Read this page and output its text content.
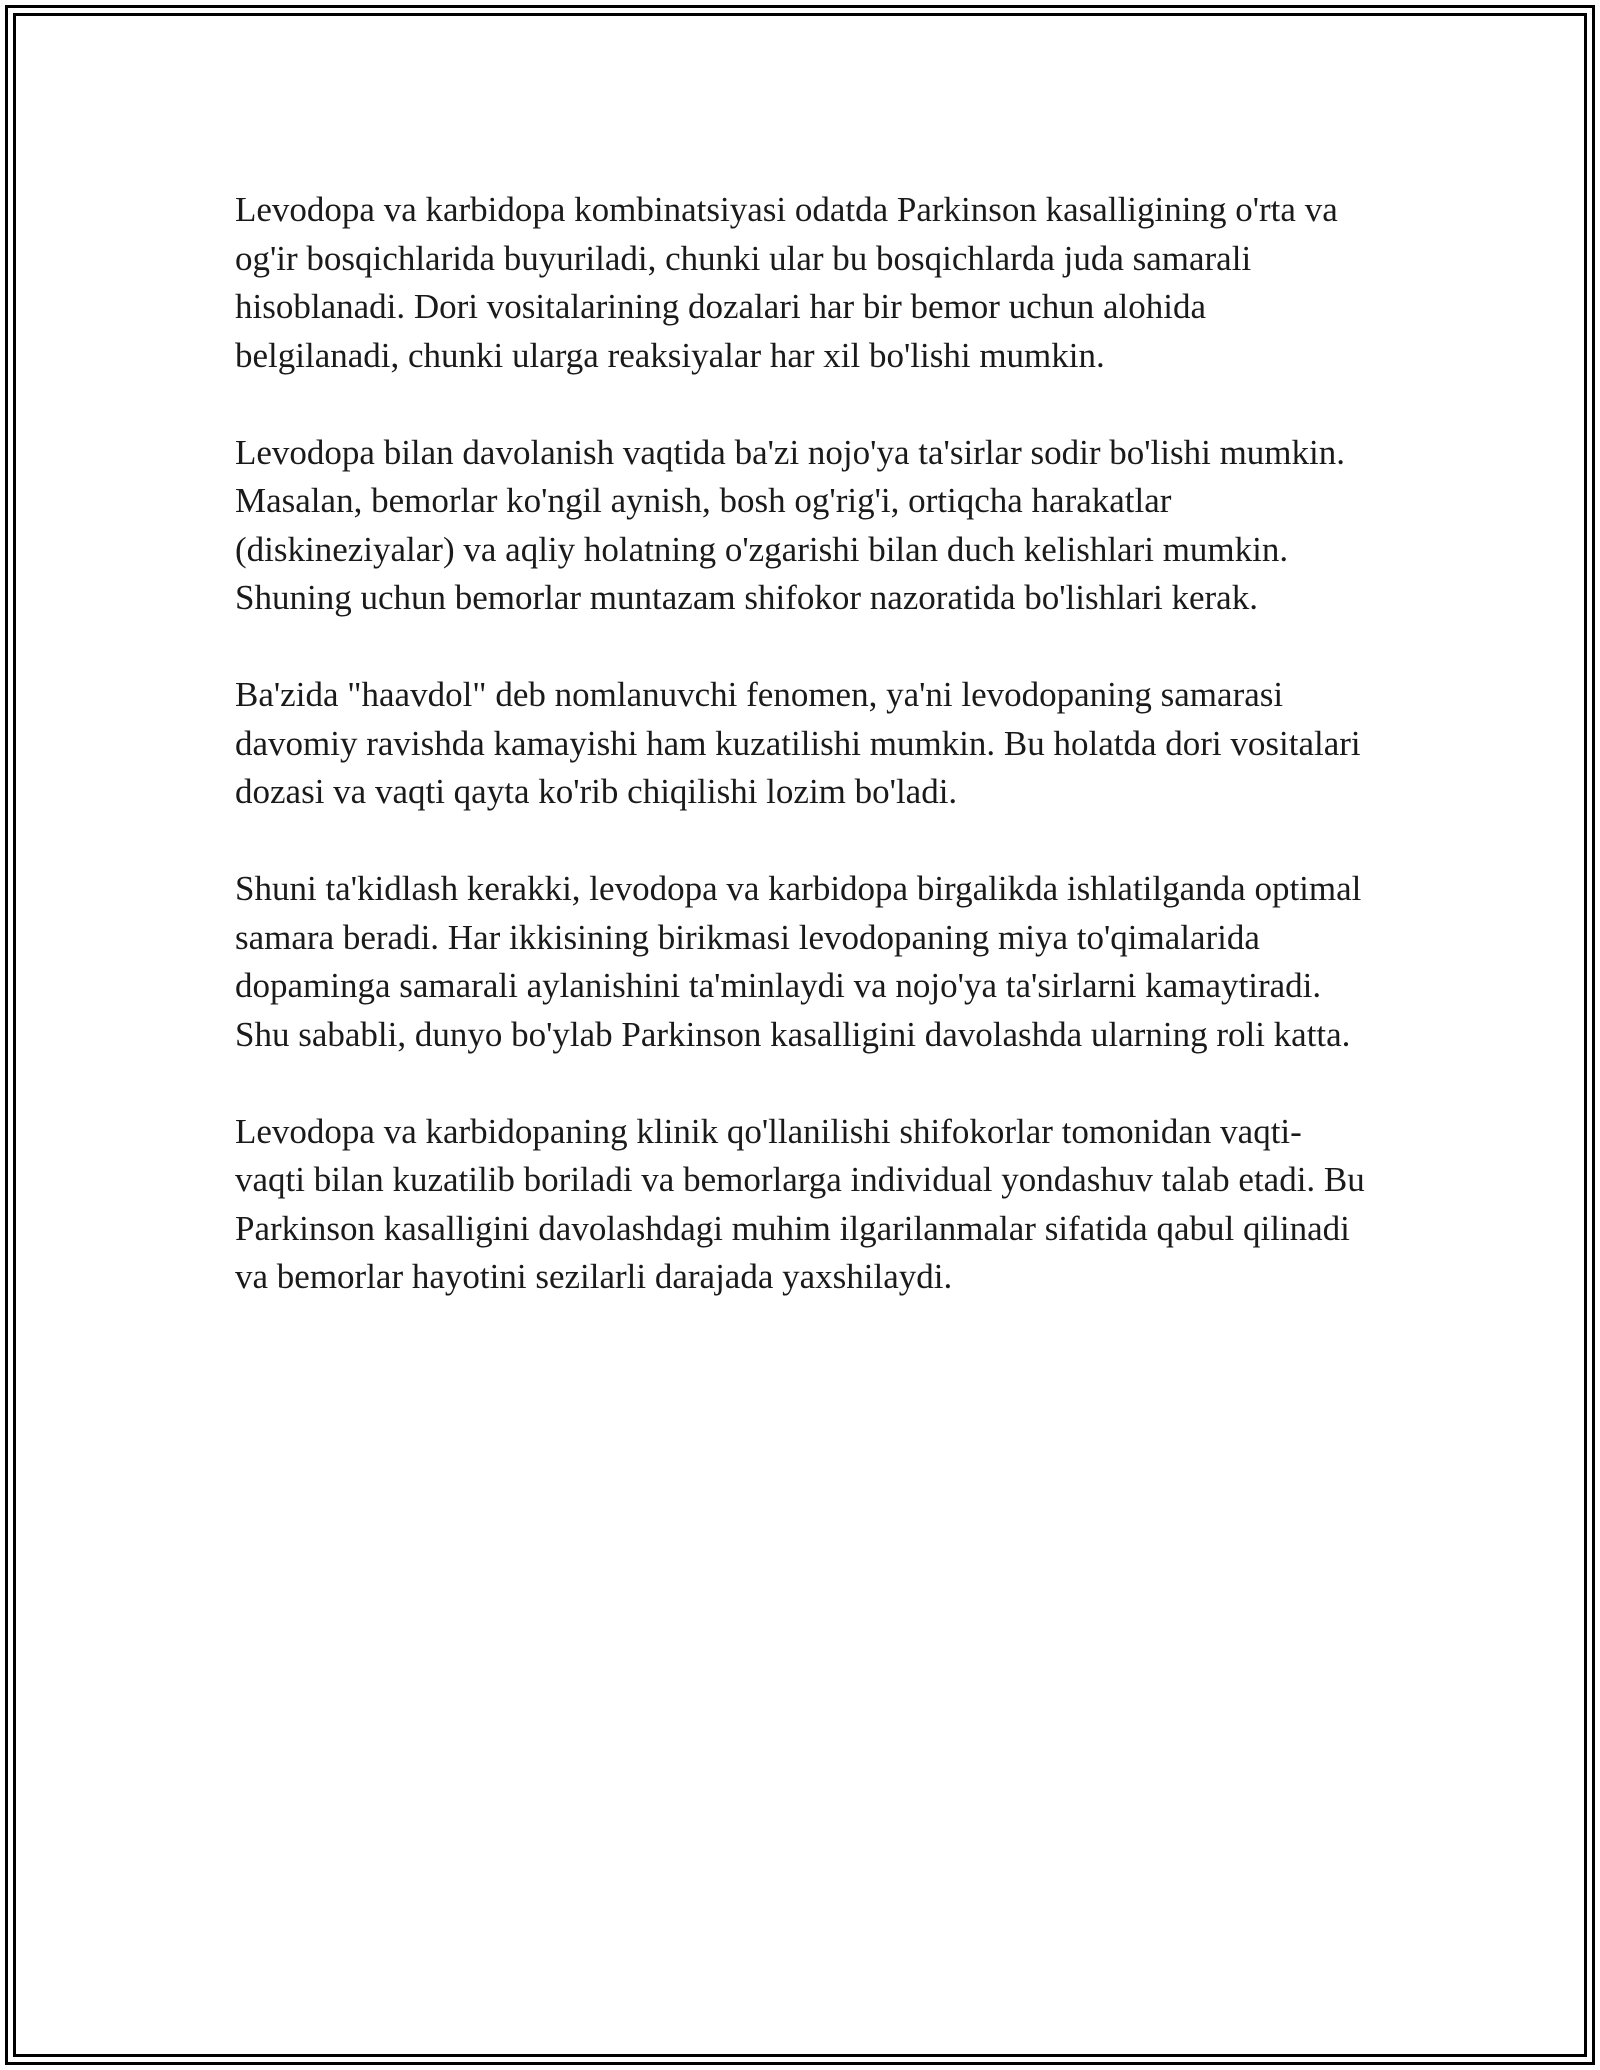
Levodopa va karbidopa kombinatsiyasi odatda Parkinson kasalligining o'rta va og'ir bosqichlarida buyuriladi, chunki ular bu bosqichlarda juda samarali hisoblanadi. Dori vositalarining dozalari har bir bemor uchun alohida belgilanadi, chunki ularga reaksiyalar har xil bo'lishi mumkin.

Levodopa bilan davolanish vaqtida ba'zi nojo'ya ta'sirlar sodir bo'lishi mumkin. Masalan, bemorlar ko'ngil aynish, bosh og'rig'i, ortiqcha harakatlar (diskineziyalar) va aqliy holatning o'zgarishi bilan duch kelishlari mumkin. Shuning uchun bemorlar muntazam shifokor nazoratida bo'lishlari kerak.

Ba'zida "haavdol" deb nomlanuvchi fenomen, ya'ni levodopaning samarasi davomiy ravishda kamayishi ham kuzatilishi mumkin. Bu holatda dori vositalari dozasi va vaqti qayta ko'rib chiqilishi lozim bo'ladi.

Shuni ta'kidlash kerakki, levodopa va karbidopa birgalikda ishlatilganda optimal samara beradi. Har ikkisining birikmasi levodopaning miya to'qimalarida dopaminga samarali aylanishini ta'minlaydi va nojo'ya ta'sirlarni kamaytiradi. Shu sababli, dunyo bo'ylab Parkinson kasalligini davolashda ularning roli katta.

Levodopa va karbidopaning klinik qo'llanilishi shifokorlar tomonidan vaqti-vaqti bilan kuzatilib boriladi va bemorlarga individual yondashuv talab etadi. Bu Parkinson kasalligini davolashdagi muhim ilgarilanmalar sifatida qabul qilinadi va bemorlar hayotini sezilarli darajada yaxshilaydi.
